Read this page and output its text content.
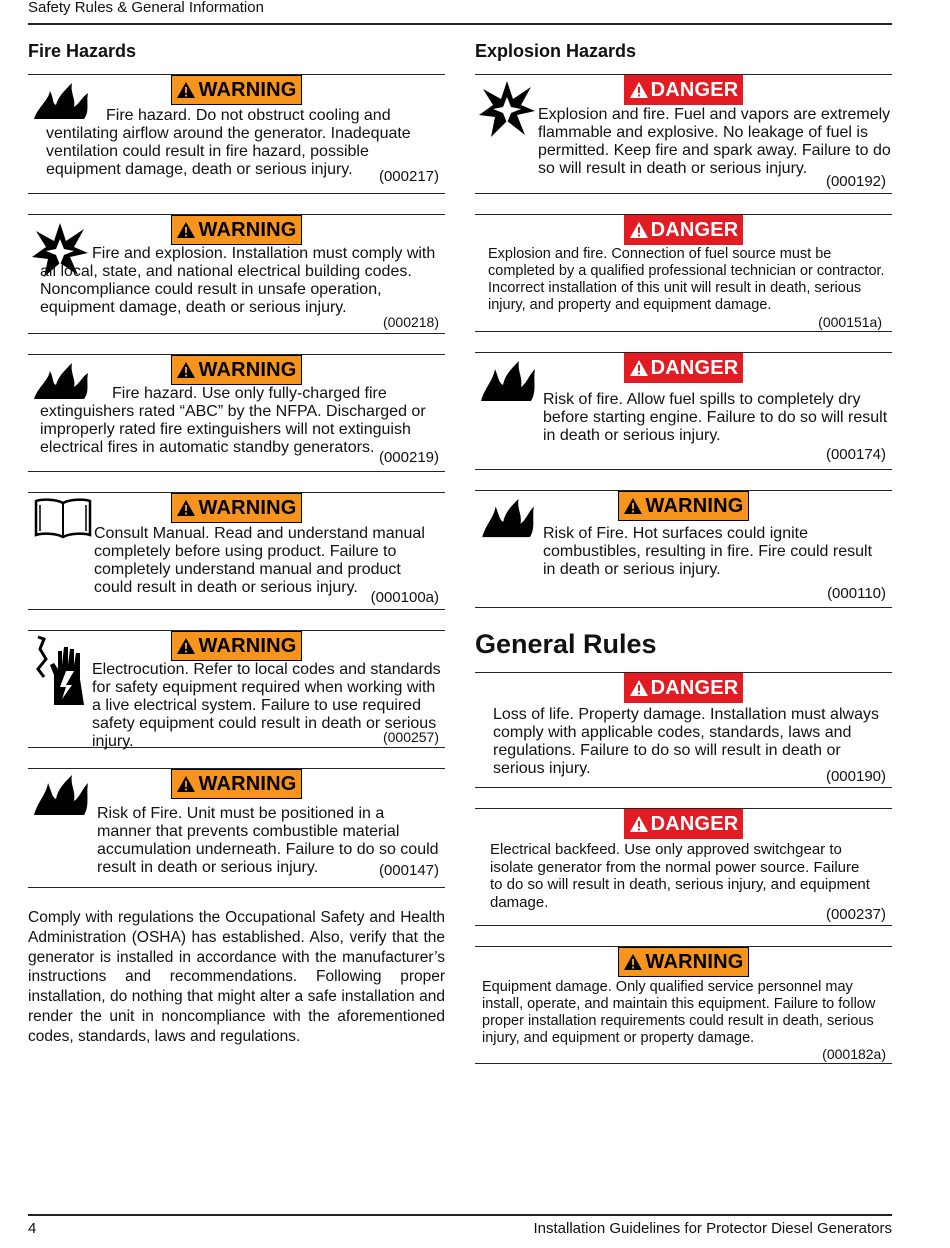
Safety Rules & General Information
Fire Hazards
WARNING
Fire hazard. Do not obstruct cooling and ventilating airflow around the generator. Inadequate ventilation could result in fire hazard, possible equipment damage, death or serious injury.	(000217)
WARNING
Fire and explosion. Installation must comply with all local, state, and national electrical building codes. Noncompliance could result in unsafe operation, equipment damage, death or serious injury.
(000218)
WARNING
Fire hazard. Use only fully-charged fire extinguishers rated “ABC” by the NFPA. Discharged or improperly rated fire extinguishers will not extinguish electrical fires in automatic standby generators.
(000219)
WARNING
Consult Manual. Read and understand manual completely before using product. Failure to completely understand manual and product could result in death or serious injury.
(000100a)
WARNING
Electrocution. Refer to local codes and standards for safety equipment required when working with a live electrical system. Failure to use required safety equipment could result in death or serious injury.	(000257)
WARNING
Risk of Fire. Unit must be positioned in a manner that prevents combustible material accumulation underneath. Failure to do so could result in death or serious injury.	(000147)
Comply with regulations the Occupational Safety and Health Administration (OSHA) has established. Also, verify that the generator is installed in accordance with the manufacturer’s instructions and recommendations. Following proper installation, do nothing that might alter a safe installation and render the unit in noncompliance with the aforementioned codes, standards, laws and regulations.
Explosion Hazards
DANGER
Explosion and fire. Fuel and vapors are extremely flammable and explosive. No leakage of fuel is permitted. Keep fire and spark away. Failure to do so will result in death or serious injury.
(000192)
DANGER
Explosion and fire. Connection of fuel source must be completed by a qualified professional technician or contractor. Incorrect installation of this unit will result in death, serious injury, and property and equipment damage.
(000151a)
DANGER
Risk of fire. Allow fuel spills to completely dry before starting engine. Failure to do so will result in death or serious injury.
(000174)
WARNING
Risk of Fire. Hot surfaces could ignite combustibles, resulting in fire. Fire could result in death or serious injury.
(000110)
General Rules
DANGER
Loss of life. Property damage. Installation must always comply with applicable codes, standards, laws and regulations. Failure to do so will result in death or serious injury.	(000190)
DANGER
Electrical backfeed. Use only approved switchgear to isolate generator from the normal power source. Failure to do so will result in death, serious injury, and equipment damage.
(000237)
WARNING
Equipment damage. Only qualified service personnel may install, operate, and maintain this equipment. Failure to follow proper installation requirements could result in death, serious injury, and equipment or property damage.
(000182a)
4	Installation Guidelines for Protector Diesel Generators
